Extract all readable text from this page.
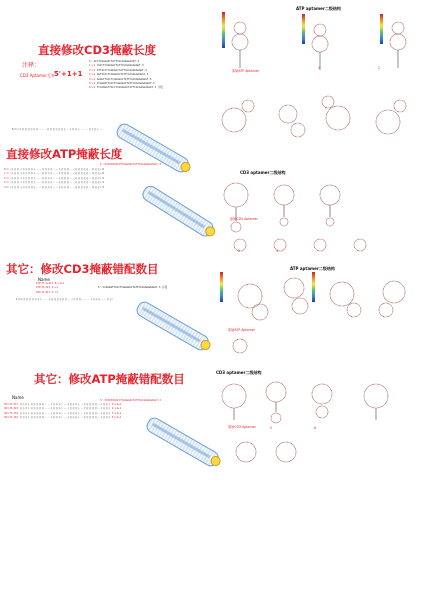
直接修改CD3掩蔽长度
注释：
CD3 Aptamer互补 5'+1+1
0: ACCTCGGGGACTATTCGCGAGGAAGGT-3
1:+1 TACCTCGGGGACTATTCGCGAGGAAGGT-3
2:+1 GTTACCTCGGGGACTATTCGCGAGGAAGGT-3
3:+1 GGTTACCTCGGGGACTATTCGCGAGGAAGGT-3
4:+1 AGGGTTACCTCGGGGACTATTCGCGAGGAAGGT-3
5:+1 CCAGGGTTACCTCGGGGACTATTCGCGAGGAAGGT-3
6:+1 TCCAGGGTTACCTCGGGGACTATTCGCGAGGAAGGT-3 片段
6:1:(((((((((((((.....))))))))))))...((((((......))))))....
直接修改ATP掩蔽长度
5'-XXXXXXXACCTCGGGGACTATTCGCGAGGAAGGT-3
0:1 ((((((.(((((((((....(((((((....)))))))...)))))))))..)))))).6
1:1 ((((((.(((((((((....(((((((....)))))))...)))))))))..)))))).6
2:1 ((((((.(((((((((....(((((((....)))))))...)))))))))..)))))).5
3:1 ((((((.(((((((((....(((((((....)))))))...)))))))))..)))))).4
4:1 ((((((.(((((((((....(((((((....)))))))...)))))))))..)))))).3
其它：修改CD3掩蔽错配数目
Name
ATP-M-2+211 0:+1+1
ATP-M-321 1:+1
ATP-M-421 2:+1
5'-CCAGGGTTACCTCGGGGACTATTCGCGAGGAAGGT-3 片段
1:1(((((((((((((.....))))))))))))...((((((......))))))....((((
其它：修改ATP掩蔽错配数目
Name
5'-XXXXXXXACCTCGGGGACTATTCGCGAGGAAGGT-3
CD3-M-313 ((((((.(((((((((....(((((((....)))))))...)))))))))..)))))) 3:+1+1
CD3-M-223 ((((((.(((((((((....(((((((....)))))))...)))))))))..)))))) 2:+1+1
CD3-M-232 ((((((.(((((((((....(((((((....)))))))...)))))))))..)))))) 3:+1+1
CD3-M-142 ((((((.(((((((((....(((((((....)))))))...)))))))))..)))))) 3:+1+1
ATP aptamer二级结构
原始ATP Aptamer
1	2
CD3 aptamer二级结构
原始CD3 Aptamer
3	4
ATP aptamer二级结构
原始ATP Aptamer
CD3 aptamer二级结构
原始CD3 Aptamer	5	6
